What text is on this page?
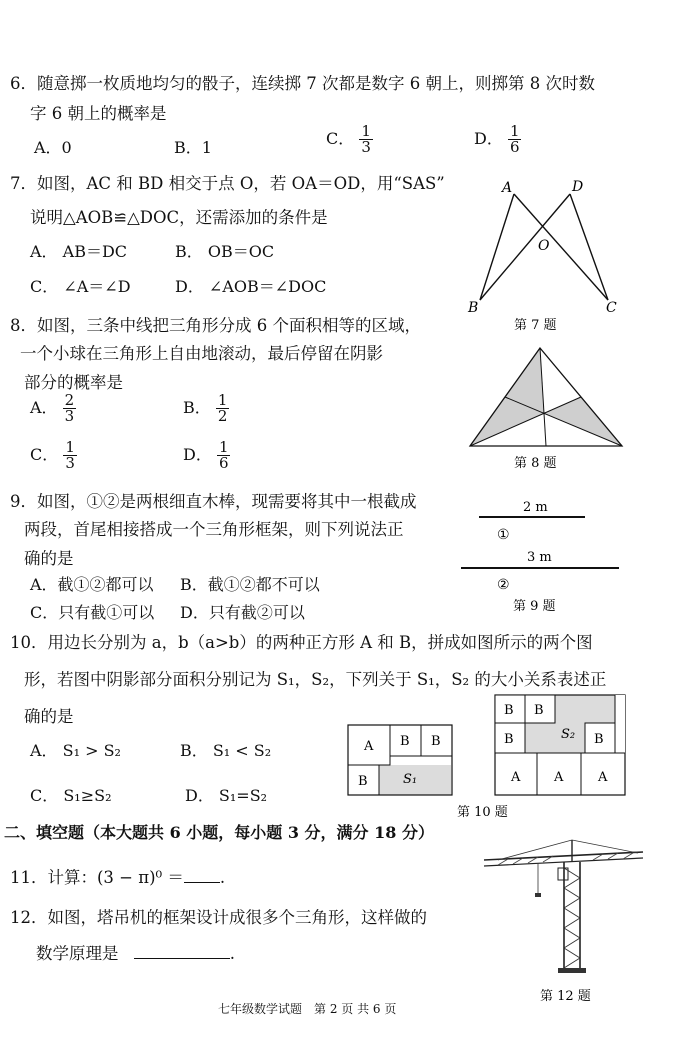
6．随意掷一枚质地均匀的骰子，连续掷 7 次都是数字 6 朝上，则掷第 8 次时数
字 6 朝上的概率是
A．0	B．1	C． $\frac{1}{3}$	D． $\frac{1}{6}$
7．如图，AC 和 BD 相交于点 O，若 OA＝OD，用“SAS”
说明△AOB≌△DOC，还需添加的条件是
A． AB＝DC	B． OB＝OC
C． ∠A＝∠D	D． ∠AOB＝∠DOC
A	D
O
B	C
第 7 题
8．如图，三条中线把三角形分成 6 个面积相等的区域，
一个小球在三角形上自由地滚动，最后停留在阴影
部分的概率是
A． $\frac{2}{3}$	B． $\frac{1}{2}$
C． $\frac{1}{3}$	D． $\frac{1}{6}$	第 8 题
9．如图，①②是两根细直木棒，现需要将其中一根截成
两段，首尾相接搭成一个三角形框架，则下列说法正
确的是
A．截①②都可以 B．截①②都不可以
C．只有截①可以 D．只有截②可以
2 m
①
3 m
②
第 9 题
10．用边长分别为 a，b（a>b）的两种正方形 A 和 B，拼成如图所示的两个图
形，若图中阴影部分面积分别记为 S₁，S₂，下列关于 S₁，S₂ 的大小关系表述正
确的是
A． S₁ > S₂	B． S₁ < S₂
C． S₁≥S₂	D． S₁=S₂
A B B
B	S₁
B B
B	B
S₂
A	A	A
第 10 题
二、填空题（本大题共 6 小题，每小题 3 分，满分 18 分）
11．计算：(3 − π)⁰ ＝ .
12．如图，塔吊机的框架设计成很多个三角形，这样做的
数学原理是	.
第 12 题
七年级数学试题　第 2 页 共 6 页
